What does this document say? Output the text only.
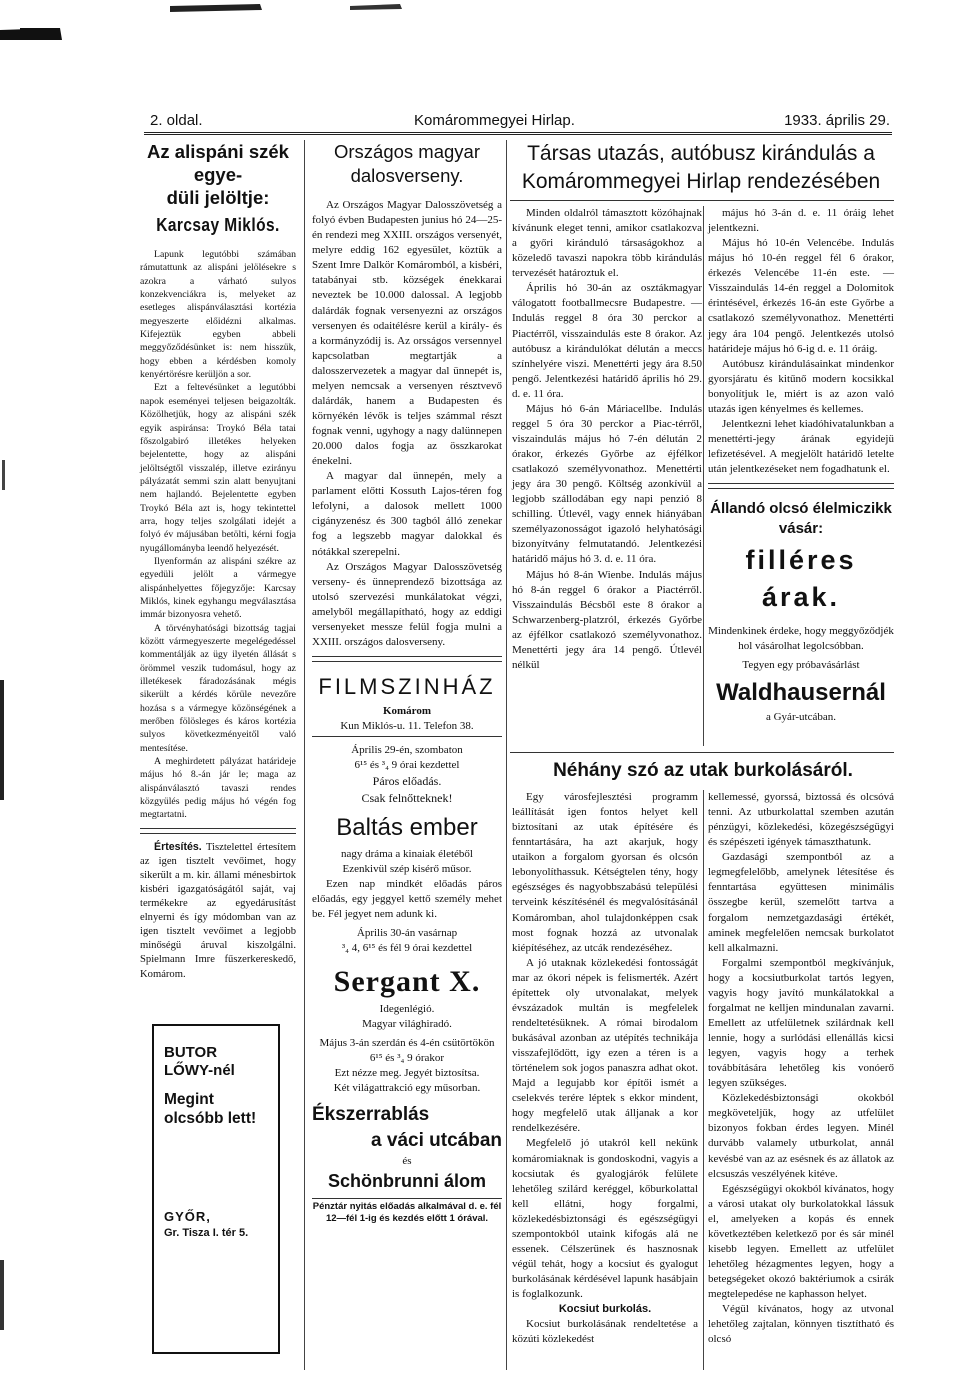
2. oldal.	Komárommegyei Hirlap.	1933. április 29.
Az alispáni szék egye-
düli jelöltje:
Karcsay Miklós.

Lapunk legutóbbi számában rámutattunk az alispáni jelölésekre s azokra a várható sulyos konzekvenciákra is, melyeket az esetleges alispánválasztási kortézia megyeszerte előidézni alkalmas. Kifejeztük egyben abbeli meggyőződésünket is: nem hisszük, hogy ebben a kérdésben komoly kenyértörésre kerüljön a sor.

Ezt a feltevésünket a legutóbbi napok eseményei teljesen beigazolták. Közölhetjük, hogy az alispáni szék egyik aspiránsa: Troykó Béla tatai főszolgabiró illetékes helyeken bejelentette, hogy az alispáni jelöltségtől visszalép, illetve ezirányu pályázatát semmi szin alatt benyujtani nem hajlandó. Bejelentette egyben Troykó Béla azt is, hogy tekintettel arra, hogy teljes szolgálati idejét a folyó év májusában betölti, kérni fogja nyugállományba leendő helyezését.

Ilyenformán az alispáni székre az egyedüli jelölt a vármegye alispánhelyettes főjegyzője: Karcsay Miklós, kinek egyhangu megválasztása immár bizonyosra vehető.

A törvényhatósági bizottság tagjai között vármegyeszerte megelégedéssel kommentálják az ügy ilyetén állását s örömmel veszik tudomásul, hogy az illetékesek fáradozásának mégis sikerült a kérdés körüle nevezőre hozása s a vármegye közönségének a merőben fölösleges és káros kortézia sulyos következményeitől való mentesítése.

A meghirdetett pályázat határideje május hó 8.-án jár le; maga az alispánválasztó tavaszi rendes közgyülés pedig május hó végén fog megtartatni.

Értesítés. Tisztelettel értesítem az igen tisztelt vevőimet, hogy sikerült a m. kir. állami ménesbirtok kisbéri igazgatóságától saját, vaj termékekre az egyedárusítást elnyerni és így módomban van az igen tisztelt vevőimet a legjobb minőségü áruval kiszolgálni. Spielmann Imre fűszerkereskedő, Komárom.

BUTOR
LŐWY-nél
Megint olcsóbb lett!
GYŐR,
Gr. Tisza I. tér 5.
Országos magyar
dalosverseny.

Az Országos Magyar Dalosszövetség a folyó évben Budapesten junius hó 24—25-én rendezi meg XXIII. országos versenyét, melyre eddig 162 egyesület, köztük a Szent Imre Dalkör Komáromból, a kisbéri, tatabányai stb. községek énekkarai neveztek be 10.000 dalossal. A legjobb dalárdák fognak versenyezni az országos versenyen és odaitélésre kerül a király- és a kormányzódij is. Az orsságos versennyel kapcsolatban megtartják a dalosszervezetek a magyar dal ünnepét is, melyen nemcsak a versenyen résztvevő dalárdák, hanem a Budapesten és környékén lévők is teljes számmal részt fognak venni, ugyhogy a nagy dalünnepen 20.000 dalos fogja az összkarokat énekelni.

A magyar dal ünnepén, mely a parlament előtti Kossuth Lajos-téren fog lefolyni, a dalosok mellett 1000 cigányzenész és 300 tagból álló zenekar fog a legszebb magyar dalokkal és nótákkal szerepelni.

Az Országos Magyar Dalosszövetség verseny- és ünneprendező bizottsága az utolsó szervezési munkálatokat végzi, amelyből megállapítható, hogy az eddigi versenyeket messze felül fogja mulni a XXIII. országos dalosverseny.

FILMSZINHÁZ

Komárom

Kun Miklós-u. 11. Telefon 38.

Április 29-én, szombaton

6¹⁵ és ³₄ 9 órai kezdettel

Páros előadás.

Csak felnőtteknek!

Baltás ember

nagy dráma a kinaiak életéből

Ezenkivül szép kisérő műsor.

Ezen nap mindkét előadás páros előadás, egy jeggyel kettő személy mehet be. Fél jegyet nem adunk ki.

Április 30-án vasárnap

³₄ 4, 6¹⁵ és fél 9 órai kezdettel

Sergant X.

Idegenlégió.

Magyar világhiradó.

Május 3-án szerdán és 4-én csütörtökön 6¹⁵ és ³₄ 9 órakor

Ezt nézze meg. Jegyét biztosítsa.

Két világattrakció egy műsorban.

Ékszerrablás
a váci utcában
és
Schönbrunni álom
Pénztár nyitás előadás alkalmával d. e. fél 12—fél 1-ig és kezdés előtt 1 órával.
Társas utazás, autóbusz kirándulás a
Komárommegyei Hirlap rendezésében

Minden oldalról támasztott közóhajnak kívánunk eleget tenni, amikor csatlakozva a győri kiránduló társaságokhoz a közeledő tavaszi napokra több kirándulás tervezését határoztuk el.

Április hó 30-án az osztákmagyar válogatott footballmecsre Budapestre. — Indulás reggel 8 óra 30 perckor a Piactérről, visszaindulás este 8 órakor. Az autóbusz a kirándulókat délután a meccs színhelyére viszi. Menettérti jegy ára 8.50 pengő. Jelentkezési határidő április hó 29. d. e. 11 óra.

Május hó 6-án Máriacellbe. Indulás reggel 5 óra 30 perckor a Piac-térről, viszaindulás május hó 7-én délután 2 órakor, érkezés Győrbe az éjfélkor csatlakozó személyvonathoz. Menettérti jegy ára 30 pengő. Költség azonkívül a legjobb szállodában egy napi penzió 8 schilling. Útlevél, vagy ennek hiányában személyazonosságot igazoló helyhatósági bizonyítvány felmutatandó. Jelentkezési határidő május hó 3. d. e. 11 óra.

Május hó 8-án Wienbe. Indulás május hó 8-án reggel 6 órakor a Piactérről. Visszaindulás Bécsből este 8 órakor a Schwarzenberg-platzról, érkezés Győrbe az éjfélkor csatlakozó személyvonathoz. Menettérti jegy ára 14 pengő. Útlevél nélkül

május hó 3-án d. e. 11 óráig lehet jelentkezni.

Május hó 10-én Velencébe. Indulás május hó 10-én reggel fél 6 órakor, érkezés Velencébe 11-én este. — Visszaindulás 14-én reggel a Dolomitok érintésével, érkezés 16-án este Győrbe a csatlakozó személyvonathoz. Menettérti jegy ára 104 pengő. Jelentkezés utolsó határideje május hó 6-ig d. e. 11 óráig.

Autóbusz kirándulásainkat mindenkor gyorsjáratu és kitűnő modern kocsikkal bonyolítjuk le, miért is az azon való utazás igen kényelmes és kellemes.

Jelentkezni lehet kiadóhivatalunkban a menettérti-jegy árának egyidejü lefizetésével. A megjelölt határidő letelte után jelentkezéseket nem fogadhatunk el.

Állandó olcsó élelmiczikk
vásár:
filléres árak.

Mindenkinek érdeke, hogy meggyőződjék hol vásárolhat legolcsóbban.

Tegyen egy próbavásárlást

Waldhausernál

a Gyár-utcában.

Néhány szó az utak burkolásáról.

Egy városfejlesztési programm leállítását igen fontos helyet kell biztosítani az utak építésére és fenntartására, ha azt akarjuk, hogy utaikon a forgalom gyorsan és olcsón lebonyolíthassuk. Kétségtelen tény, hogy egészséges és nagyobbszabású települési terveink készítésénél és megvalósításánál Komáromban, ahol tulajdonképpen csak most fognak hozzá az utvonalak kiépítéséhez, az utcák rendezéséhez.

A jó utaknak közlekedési fontosságát mar az ókori népek is felismerték. Azért építettek oly utvonalakat, melyek évszázadok multán is megfelelek rendeltetésüknek. A római birodalom bukásával azonban az utépítés technikája visszafejlődött, igy ezen a téren is a történelem sok jogos panaszra adhat okot. Majd a legujabb kor építői ismét a cselekvés terére léptek s ekkor mindent, hogy megfelelő utak álljanak a kor rendelkezésére.

Megfelelő jó utakról kell nekünk komáromiaknak is gondoskodni, vagyis a kocsiutak és gyalogjárók felülete lehetőleg szilárd keréggel, kőburkolattal kell ellátni, hogy forgalmi, közlekedésbiztonsági és egészségügyi szempontokból utaink kifogás alá ne essenek. Célszerünek és hasznosnak végül tehát, hogy a kocsiut és gyalogut burkolásának kérdésével lapunk hasábjain is foglalkozunk.

Kocsiut burkolás.

Kocsiut burkolásának rendeltetése a közúti közlekedést

kellemessé, gyorssá, biztossá és olcsóvá tenni. Az utburkolattal szemben azután pénzügyi, közlekedési, közegészségügyi és szépészeti igények támaszthatunk.

Gazdasági szempontból az a legmegfelelőbb, amelynek létesítése és fenntartása együttesen minimális összegbe kerül, szemelőtt tartva a forgalom nemzetgazdasági értékét, aminek megfelelően nemcsak burkolatot kell alkalmazni.

Forgalmi szempontból megkívánjuk, hogy a kocsiutburkolat tartós legyen, vagyis hogy javító munkálatokkal a forgalmat ne kelljen mindunalan zavarni. Emellett az utfelületnek szilárdnak kell lennie, hogy a surlódási ellenállás kicsi legyen, vagyis hogy a terhek továbbítására lehetőleg kis vonóerő legyen szükséges.

Közlekedésbiztonsági okokból megköveteljük, hogy az utfelület bizonyos fokban érdes legyen. Minél durvább valamely utburkolat, annál kevésbé van az az esésnek és az állatok az elcsuszás veszélyének kitéve.

Egészségügyi okokból kívánatos, hogy a városi utakat oly burkolatokkal lássuk el, amelyeken a kopás és ennek következtében keletkező por és sár minél kisebb legyen. Emellett az utfelület lehetőleg hézagmentes legyen, hogy a betegségeket okozó baktériumok a csirák megtelepedése ne kaphasson helyet.

Végül kívánatos, hogy az utvonal lehetőleg zajtalan, könnyen tisztítható és olcsó
